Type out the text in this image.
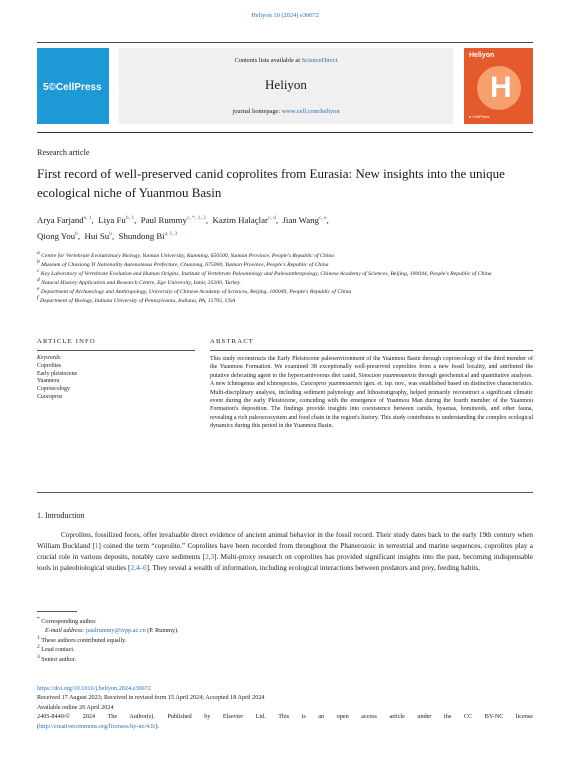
Heliyon 10 (2024) e30072
5©CellPress
Contents lists available at ScienceDirect
Heliyon
journal homepage: www.cell.com/heliyon
Heliyon
H
a CellPress
Research article
First record of well-preserved canid coprolites from Eurasia: New insights into the unique ecological niche of Yuanmou Basin
Arya Farjand$^{a, 1}$,  Liya Fu$^{b, 1}$,  Paul Rummy$^{c, *, 1, 2}$,  Kazim Halaçlar$^{c, d}$,  Jian Wang$^{c, e}$,
Qiong You$^b$,  Hui Su$^b$,  Shundong Bi$^{a, f, 3}$
$^a$ Centre for Vertebrate Evolutionary Biology, Yunnan University, Kunming, 650500, Yunnan Province, People's Republic of China
$^b$ Museum of Chuxiong Yi Nationality Autonomous Prefecture, Chuxiong, 675000, Yunnan Province, People's Republic of China
$^c$ Key Laboratory of Vertebrate Evolution and Human Origins, Institute of Vertebrate Paleontology and Paleoanthropology, Chinese Academy of Sciences, Beijing, 100044, People's Republic of China
$^d$ Natural History Application and Research Centre, Ege University, Izmir, 35100, Turkey
$^e$ Department of Archaeology and Anthropology, University of Chinese Academy of Sciences, Beijing, 100049, People's Republic of China
$^f$ Department of Biology, Indiana University of Pennsylvania, Indiana, PA, 15705, USA
ARTICLE INFO	ABSTRACT
Keywords:
Coprolites
Early pleistocene
Yuanmou
Coproecology
Cuocopros
This study reconstructs the Early Pleistocene paleoenvironment of the Yuanmou Basin through coproecology of the third member of the Yuanmou Formation. We examined 38 exceptionally well-preserved coprolites from a new fossil locality, and attributed the putative defecating agent to the hypercarnivorous diet canid, Sinocuon yuanmouensis through geochemical and quantitative analyses. A new ichnogenus and ichnospecies, Cuocopros yuanmouensis igen. et. isp. nov., was established based on distinctive characteristics. Multi-disciplinary analysis, including sediment palynology and lithostratigraphy, helped primarily reconstruct a significant climatic event during the early Pleistocene, coinciding with the emergence of Yuanmou Man during the fourth member of the Yuanmou Formation's deposition. The findings provide insights into coexistence between canids, hyaenas, hominoids, and other fauna, revealing a rich paleoecosystem and food chain in the region's history. This study contributes to understanding the complex ecological dynamics during this period in the Yuanmou Basin.
1. Introduction
Coprolites, fossilized feces, offer invaluable direct evidence of ancient animal behavior in the fossil record. Their study dates back to the early 19th century when William Buckland [1] coined the term “coprolite.” Coprolites have been recorded from throughout the Phanerozoic in terrestrial and marine sequences, coprolites play a crucial role in various deposits, notably cave sediments [2,3]. Multi-proxy research on coprolites has provided significant insights into the past, becoming indispensable tools in paleobiological studies [2,4–6]. They reveal a wealth of information, including ecological interactions between predators and prey, feeding habits,
* Corresponding author.
E-mail address: paulrummy@ivpp.ac.cn (P. Rummy).
$^1$ These authors contributed equally.
$^2$ Lead contact.
$^3$ Senior author.
https://doi.org/10.1016/j.heliyon.2024.e30072
Received 17 August 2023; Received in revised form 15 April 2024; Accepted 18 April 2024
Available online 26 April 2024
2405-8440/© 2024 The Author(s). Published by Elsevier Ltd. This is an open access article under the CC BY-NC license
(http://creativecommons.org/licenses/by-nc/4.0/).
